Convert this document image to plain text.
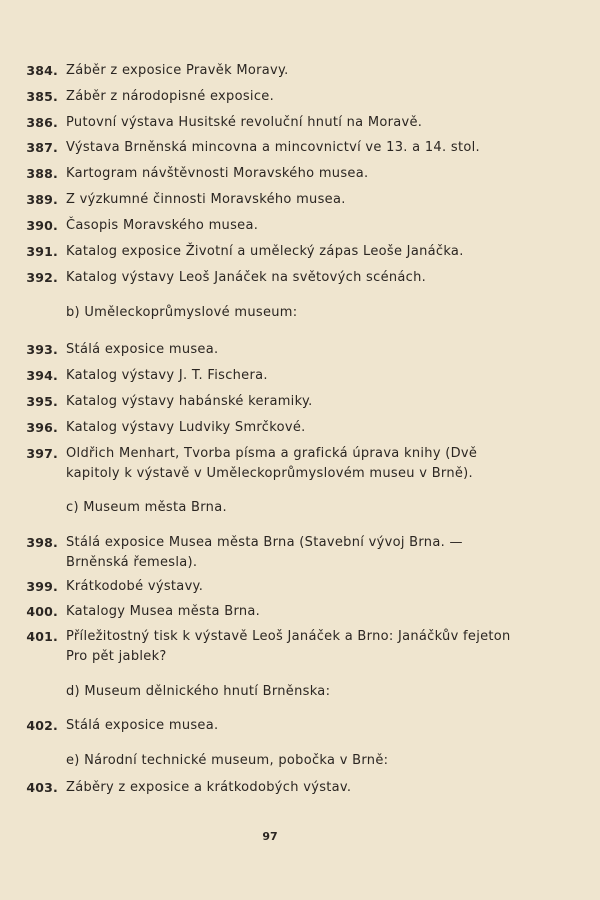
384. Záběr z exposice Pravěk Moravy.
385. Záběr z národopisné exposice.
386. Putovní výstava Husitské revoluční hnutí na Moravě.
387. Výstava Brněnská mincovna a mincovnictví ve 13. a 14. stol.
388. Kartogram návštěvnosti Moravského musea.
389. Z výzkumné činnosti Moravského musea.
390. Časopis Moravského musea.
391. Katalog exposice Životní a umělecký zápas Leoše Janáčka.
392. Katalog výstavy Leoš Janáček na světových scénách.
b) Uměleckoprůmyslové museum:
393. Stálá exposice musea.
394. Katalog výstavy J. T. Fischera.
395. Katalog výstavy habánské keramiky.
396. Katalog výstavy Ludviky Smrčkové.
397. Oldřich Menhart, Tvorba písma a grafická úprava knihy (Dvě kapitoly k výstavě v Uměleckoprůmyslovém museu v Brně).
c) Museum města Brna.
398. Stálá exposice Musea města Brna (Stavební vývoj Brna. — Brněnská řemesla).
399. Krátkodobé výstavy.
400. Katalogy Musea města Brna.
401. Příležitostný tisk k výstavě Leoš Janáček a Brno: Janáčkův fejeton Pro pět jablek?
d) Museum dělnického hnutí Brněnska:
402. Stálá exposice musea.
e) Národní technické museum, pobočka v Brně:
403. Záběry z exposice a krátkodobých výstav.
97
